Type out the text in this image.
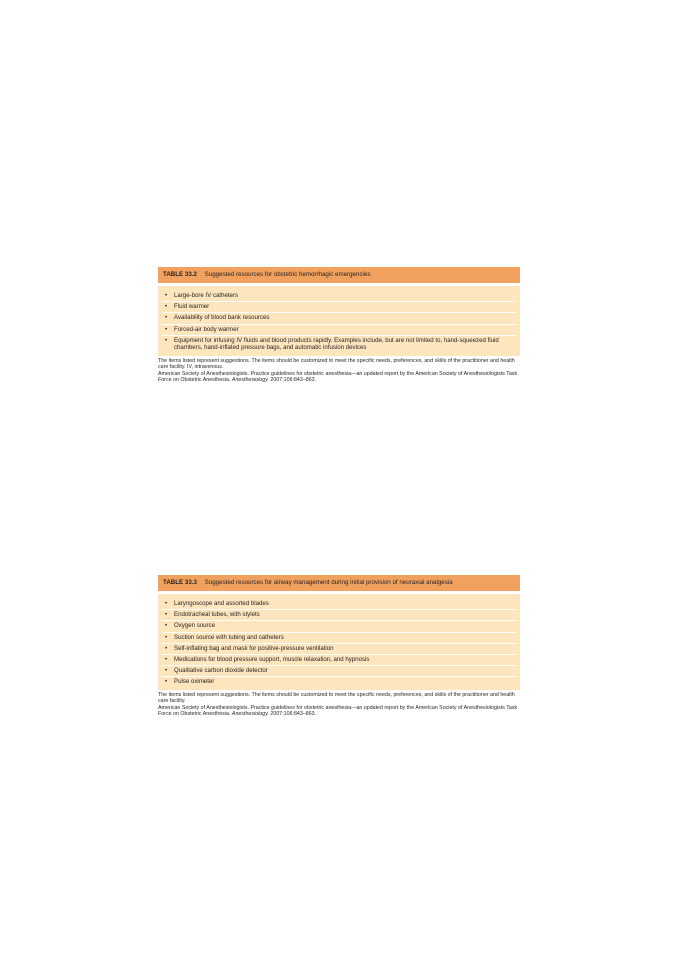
TABLE 33.2 Suggested resources for obstetric hemorrhagic emergencies
• Large-bore IV catheters
• Fluid warmer
• Availability of blood bank resources
• Forced-air body warmer
• Equipment for infusing IV fluids and blood products rapidly. Examples include, but are not limited to, hand-squeezed fluid chambers, hand-inflated pressure bags, and automatic infusion devices

The items listed represent suggestions. The items should be customized to meet the specific needs, preferences, and skills of the practitioner and health care facility. IV, intravenous.

American Society of Anesthesiologists. Practice guidelines for obstetric anesthesia—an updated report by the American Society of Anesthesiologists Task Force on Obstetric Anesthesia. Anesthesiology. 2007;106:843–863.

TABLE 33.3 Suggested resources for airway management during initial provision of neuraxial analgesia
• Laryngoscope and assorted blades
• Endotracheal tubes, with stylets
• Oxygen source
• Suction source with tubing and catheters
• Self-inflating bag and mask for positive-pressure ventilation
• Medications for blood pressure support, muscle relaxation, and hypnosis
• Qualitative carbon dioxide detector
• Pulse oximeter

The items listed represent suggestions. The items should be customized to meet the specific needs, preferences, and skills of the practitioner and health care facility.

American Society of Anesthesiologists. Practice guidelines for obstetric anesthesia—an updated report by the American Society of Anesthesiologists Task Force on Obstetric Anesthesia. Anesthesiology. 2007;106:843–863.
